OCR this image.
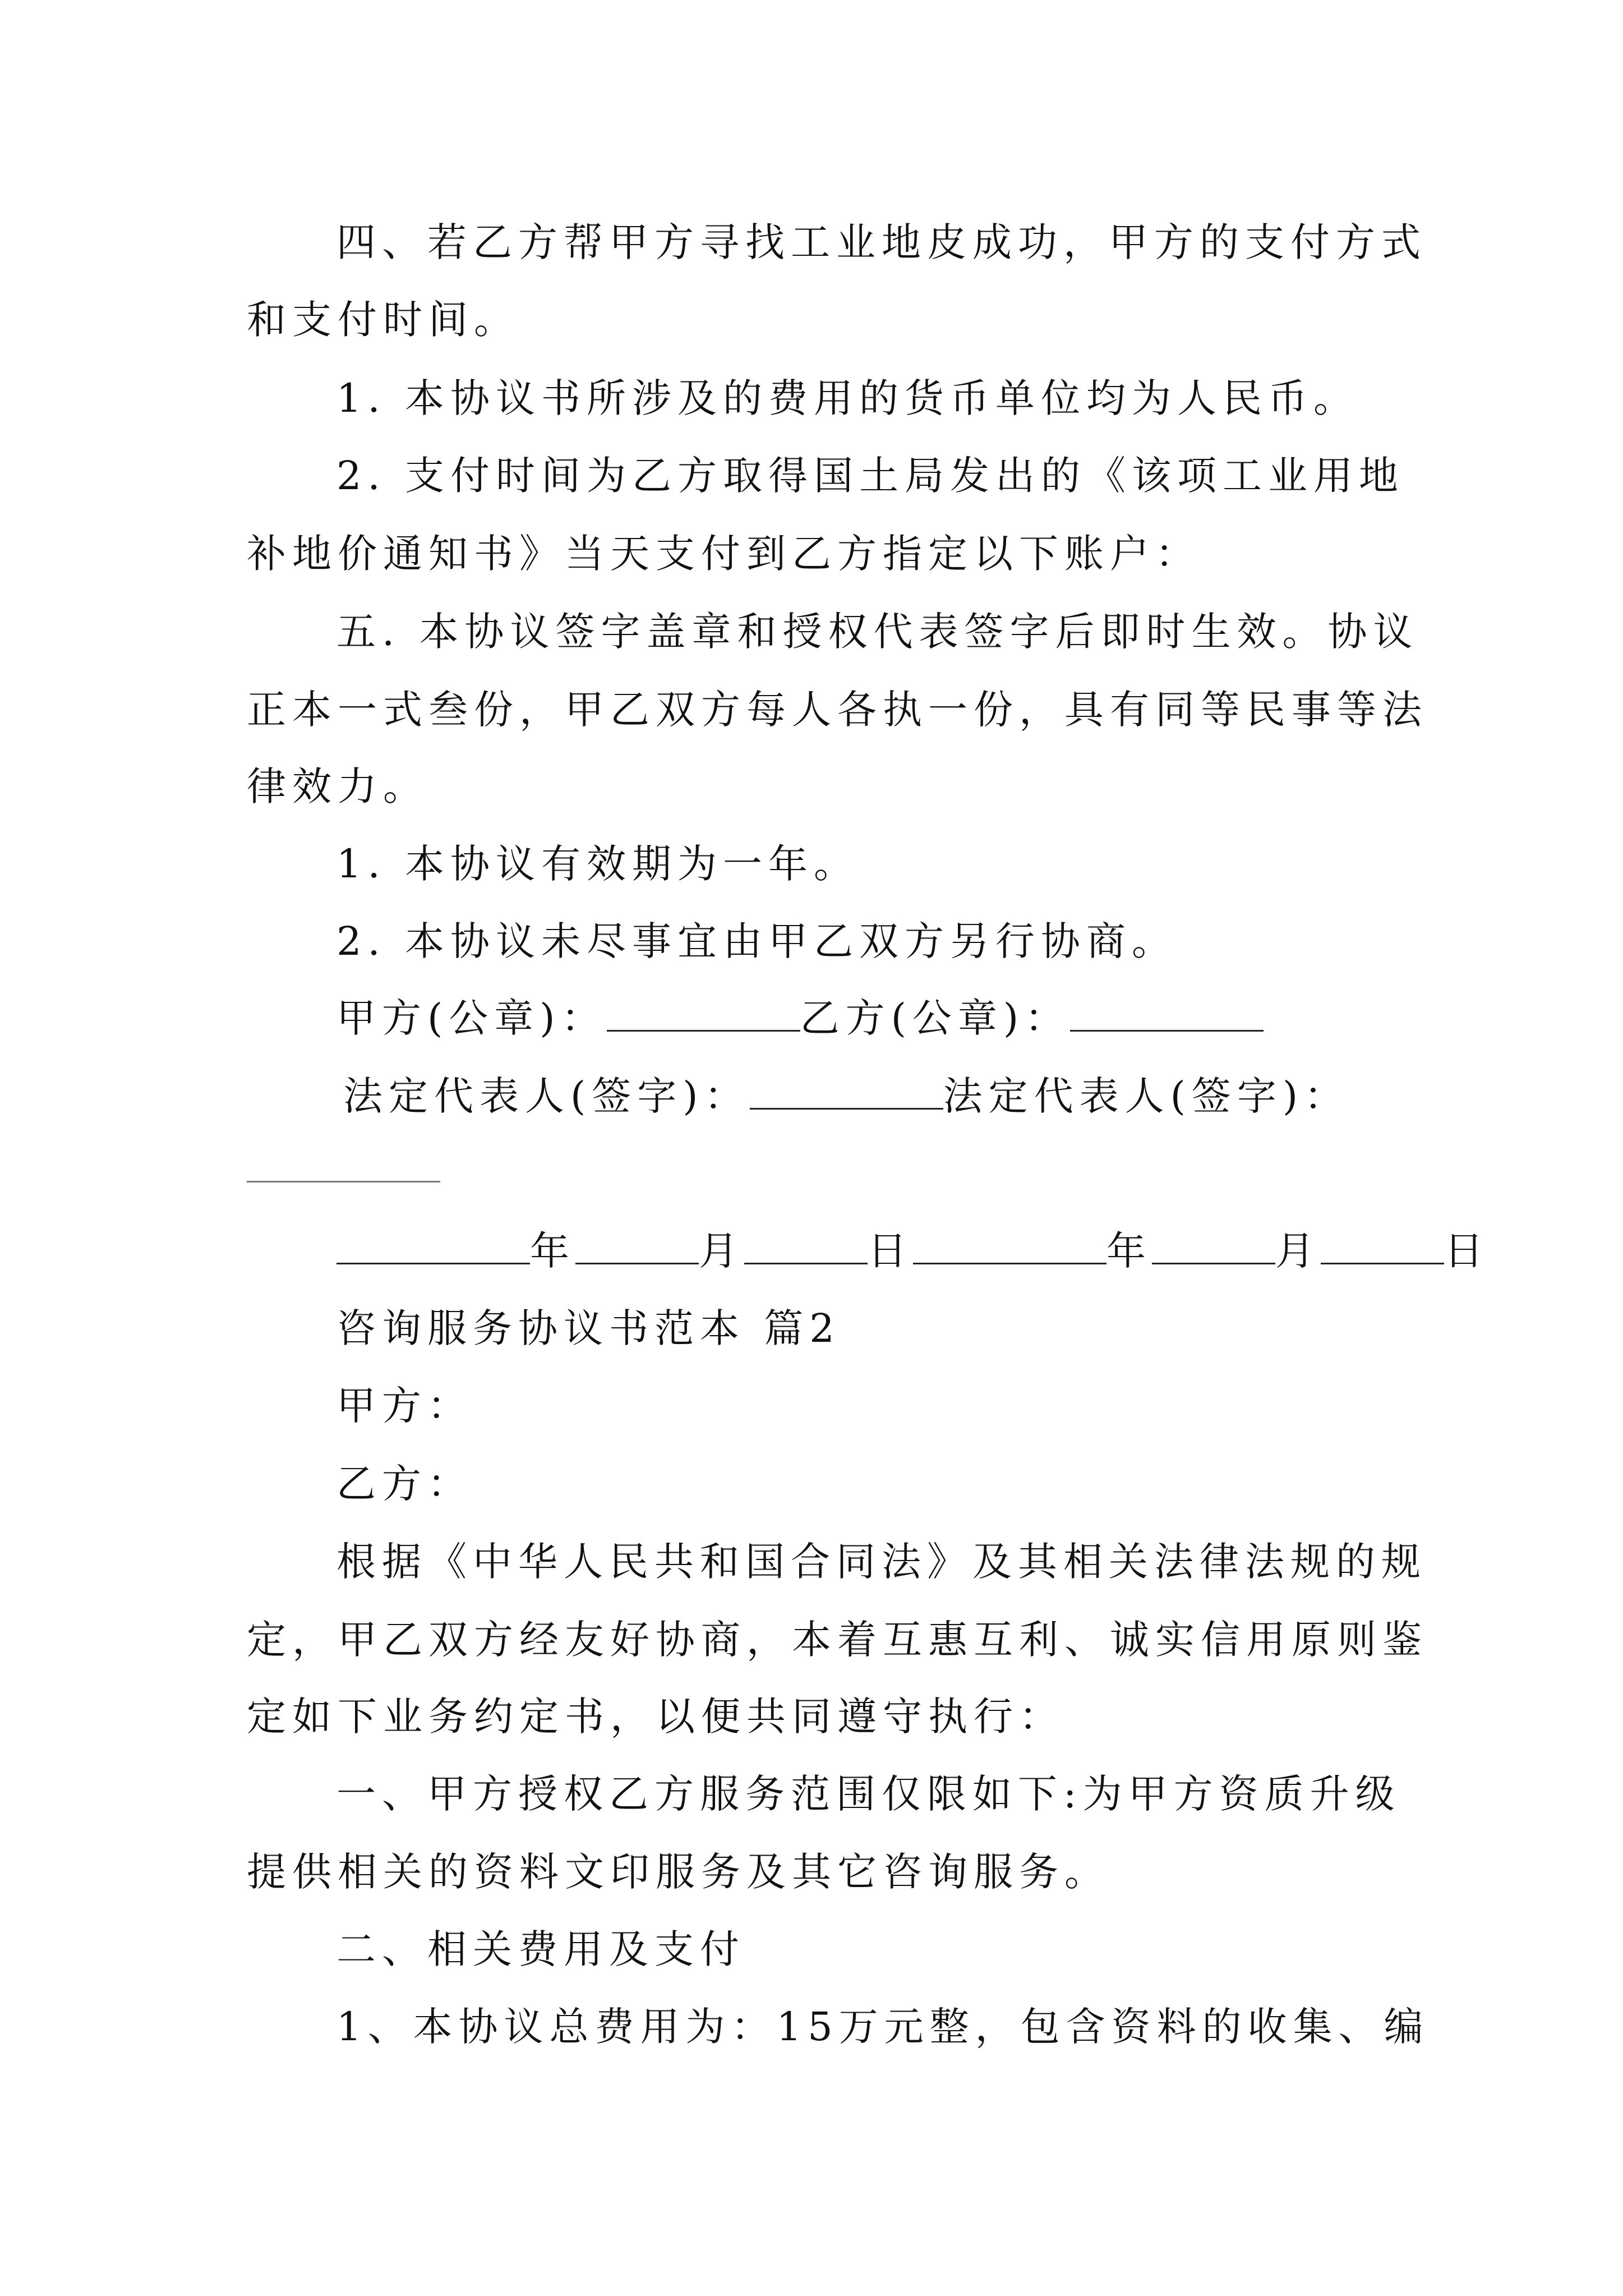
四、若乙方帮甲方寻找工业地皮成功，甲方的支付方式
和支付时间。
1. 本协议书所涉及的费用的货币单位均为人民币。
2. 支付时间为乙方取得国土局发出的《该项工业用地
补地价通知书》当天支付到乙方指定以下账户：
五. 本协议签字盖章和授权代表签字后即时生效。协议
正本一式叁份，甲乙双方每人各执一份，具有同等民事等法
律效力。
1. 本协议有效期为一年。
2. 本协议未尽事宜由甲乙双方另行协商。
甲方(公章)：	乙方(公章)：
法定代表人(签字)：	法定代表人(签字)：
年	月	日	年	月	日
咨询服务协议书范本 篇2
甲方：
乙方：
根据《中华人民共和国合同法》及其相关法律法规的规
定，甲乙双方经友好协商，本着互惠互利、诚实信用原则鉴
定如下业务约定书，以便共同遵守执行：
一、甲方授权乙方服务范围仅限如下:为甲方资质升级
提供相关的资料文印服务及其它咨询服务。
二、相关费用及支付
1、本协议总费用为：15万元整，包含资料的收集、编
